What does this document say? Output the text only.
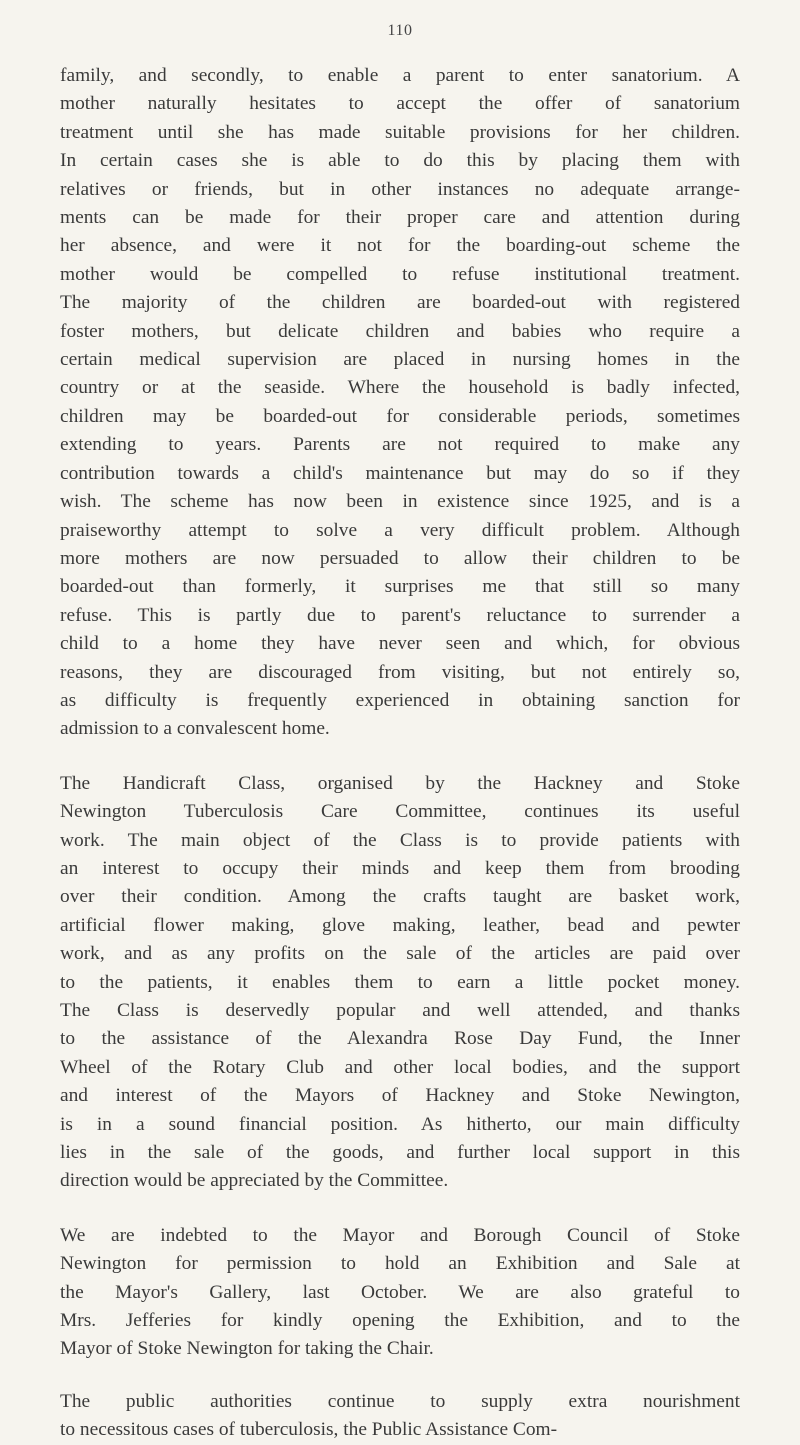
110
family, and secondly, to enable a parent to enter sanatorium. A
mother naturally hesitates to accept the offer of sanatorium
treatment until she has made suitable provisions for her children.
In certain cases she is able to do this by placing them with
relatives or friends, but in other instances no adequate arrange-
ments can be made for their proper care and attention during
her absence, and were it not for the boarding-out scheme the
mother would be compelled to refuse institutional treatment.
The majority of the children are boarded-out with registered
foster mothers, but delicate children and babies who require a
certain medical supervision are placed in nursing homes in the
country or at the seaside. Where the household is badly infected,
children may be boarded-out for considerable periods, sometimes
extending to years. Parents are not required to make any
contribution towards a child's maintenance but may do so if they
wish. The scheme has now been in existence since 1925, and is a
praiseworthy attempt to solve a very difficult problem. Although
more mothers are now persuaded to allow their children to be
boarded-out than formerly, it surprises me that still so many
refuse. This is partly due to parent's reluctance to surrender a
child to a home they have never seen and which, for obvious
reasons, they are discouraged from visiting, but not entirely so,
as difficulty is frequently experienced in obtaining sanction for
admission to a convalescent home.
The Handicraft Class, organised by the Hackney and Stoke
Newington Tuberculosis Care Committee, continues its useful
work. The main object of the Class is to provide patients with
an interest to occupy their minds and keep them from brooding
over their condition. Among the crafts taught are basket work,
artificial flower making, glove making, leather, bead and pewter
work, and as any profits on the sale of the articles are paid over
to the patients, it enables them to earn a little pocket money.
The Class is deservedly popular and well attended, and thanks
to the assistance of the Alexandra Rose Day Fund, the Inner
Wheel of the Rotary Club and other local bodies, and the support
and interest of the Mayors of Hackney and Stoke Newington,
is in a sound financial position. As hitherto, our main difficulty
lies in the sale of the goods, and further local support in this
direction would be appreciated by the Committee.
We are indebted to the Mayor and Borough Council of Stoke
Newington for permission to hold an Exhibition and Sale at
the Mayor's Gallery, last October. We are also grateful to
Mrs. Jefferies for kindly opening the Exhibition, and to the
Mayor of Stoke Newington for taking the Chair.
The public authorities continue to supply extra nourishment
to necessitous cases of tuberculosis, the Public Assistance Com-
